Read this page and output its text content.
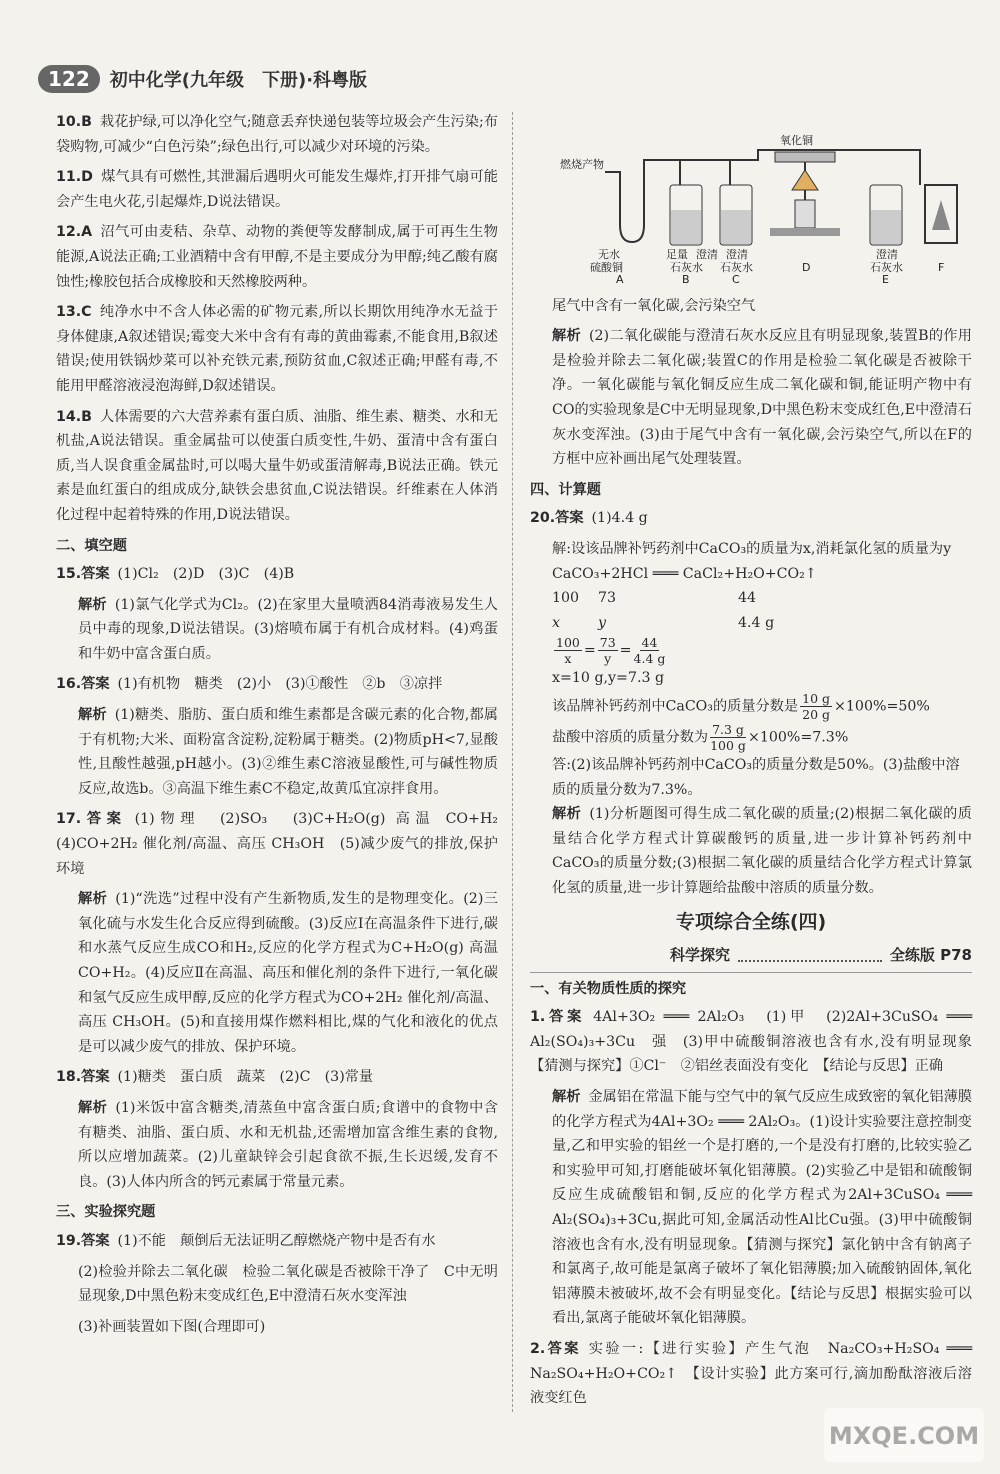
122	初中化学(九年级　下册)·科粤版
10.B 栽花护绿,可以净化空气;随意丢弃快递包装等垃圾会产生污染;布袋购物,可减少“白色污染”;绿色出行,可以减少对环境的污染。
11.D 煤气具有可燃性,其泄漏后遇明火可能发生爆炸,打开排气扇可能会产生电火花,引起爆炸,D说法错误。
12.A 沼气可由麦秸、杂草、动物的粪便等发酵制成,属于可再生生物能源,A说法正确;工业酒精中含有甲醇,不是主要成分为甲醇;纯乙酸有腐蚀性;橡胶包括合成橡胶和天然橡胶两种。
13.C 纯净水中不含人体必需的矿物元素,所以长期饮用纯净水无益于身体健康,A叙述错误;霉变大米中含有有毒的黄曲霉素,不能食用,B叙述错误;使用铁锅炒菜可以补充铁元素,预防贫血,C叙述正确;甲醛有毒,不能用甲醛溶液浸泡海鲜,D叙述错误。
14.B 人体需要的六大营养素有蛋白质、油脂、维生素、糖类、水和无机盐,A说法错误。重金属盐可以使蛋白质变性,牛奶、蛋清中含有蛋白质,当人误食重金属盐时,可以喝大量牛奶或蛋清解毒,B说法正确。铁元素是血红蛋白的组成成分,缺铁会患贫血,C说法错误。纤维素在人体消化过程中起着特殊的作用,D说法错误。
二、填空题
15.答案 (1)Cl₂　(2)D　(3)C　(4)B
解析 (1)氯气化学式为Cl₂。(2)在家里大量喷洒84消毒液易发生人员中毒的现象,D说法错误。(3)熔喷布属于有机合成材料。(4)鸡蛋和牛奶中富含蛋白质。
16.答案 (1)有机物　糖类　(2)小　(3)①酸性　②b　③凉拌
解析 (1)糖类、脂肪、蛋白质和维生素都是含碳元素的化合物,都属于有机物;大米、面粉富含淀粉,淀粉属于糖类。(2)物质pH<7,显酸性,且酸性越强,pH越小。(3)②维生素C溶液显酸性,可与碱性物质反应,故选b。③高温下维生素C不稳定,故黄瓜宜凉拌食用。
17.答案 (1)物理　(2)SO₃　(3)C+H₂O(g) 高温 CO+H₂　(4)CO+2H₂ 催化剂/高温、高压 CH₃OH　(5)减少废气的排放,保护环境
解析 (1)“洗选”过程中没有产生新物质,发生的是物理变化。(2)三氧化硫与水发生化合反应得到硫酸。(3)反应Ⅰ在高温条件下进行,碳和水蒸气反应生成CO和H₂,反应的化学方程式为C+H₂O(g) 高温 CO+H₂。(4)反应Ⅱ在高温、高压和催化剂的条件下进行,一氧化碳和氢气反应生成甲醇,反应的化学方程式为CO+2H₂ 催化剂/高温、高压 CH₃OH。(5)和直接用煤作燃料相比,煤的气化和液化的优点是可以减少废气的排放、保护环境。
18.答案 (1)糖类　蛋白质　蔬菜　(2)C　(3)常量
解析 (1)米饭中富含糖类,清蒸鱼中富含蛋白质;食谱中的食物中含有糖类、油脂、蛋白质、水和无机盐,还需增加富含维生素的食物,所以应增加蔬菜。(2)儿童缺锌会引起食欲不振,生长迟缓,发育不良。(3)人体内所含的钙元素属于常量元素。
三、实验探究题
19.答案 (1)不能　颠倒后无法证明乙醇燃烧产物中是否有水
(2)检验并除去二氧化碳　检验二氧化碳是否被除干净了　C中无明显现象,D中黑色粉末变成红色,E中澄清石灰水变浑浊
(3)补画装置如下图(合理即可)
氧化铜
燃烧产物
无水
硫酸铜
足量 澄清
石灰水
澄清
石灰水
澄清
石灰水
A	B	C
D
E
F
尾气中含有一氧化碳,会污染空气
解析 (2)二氧化碳能与澄清石灰水反应且有明显现象,装置B的作用是检验并除去二氧化碳;装置C的作用是检验二氧化碳是否被除干净。一氧化碳能与氧化铜反应生成二氧化碳和铜,能证明产物中有CO的实验现象是C中无明显现象,D中黑色粉末变成红色,E中澄清石灰水变浑浊。(3)由于尾气中含有一氧化碳,会污染空气,所以在F的方框中应补画出尾气处理装置。
四、计算题
20.答案 (1)4.4 g
解:设该品牌补钙药剂中CaCO₃的质量为x,消耗氯化氢的质量为y
CaCO₃+2HCl ═══ CaCl₂+H₂O+CO₂↑
100	73	44
x	y	4.4 g
$\frac{100}{x} = \frac{73}{y} = \frac{44}{4.4 g}$
x=10 g,y=7.3 g
该品牌补钙药剂中CaCO₃的质量分数是 $\frac{10 g}{20 g} \times 100\%=50\%$
盐酸中溶质的质量分数为 $\frac{7.3 g}{100 g} \times 100\%=7.3\%$
答:(2)该品牌补钙药剂中CaCO₃的质量分数是50%。(3)盐酸中溶质的质量分数为7.3%。
解析 (1)分析题图可得生成二氧化碳的质量;(2)根据二氧化碳的质量结合化学方程式计算碳酸钙的质量,进一步计算补钙药剂中CaCO₃的质量分数;(3)根据二氧化碳的质量结合化学方程式计算氯化氢的质量,进一步计算题给盐酸中溶质的质量分数。
专项综合全练(四)
科学探究	全练版 P78
一、有关物质性质的探究
1.答案 4Al+3O₂ ═══ 2Al₂O₃　(1)甲　(2)2Al+3CuSO₄ ═══ Al₂(SO₄)₃+3Cu　强　(3)甲中硫酸铜溶液也含有水,没有明显现象　【猜测与探究】①Cl⁻　②铝丝表面没有变化　【结论与反思】正确
解析 金属铝在常温下能与空气中的氧气反应生成致密的氧化铝薄膜的化学方程式为4Al+3O₂ ═══ 2Al₂O₃。(1)设计实验要注意控制变量,乙和甲实验的铝丝一个是打磨的,一个是没有打磨的,比较实验乙和实验甲可知,打磨能破坏氧化铝薄膜。(2)实验乙中是铝和硫酸铜反应生成硫酸铝和铜,反应的化学方程式为2Al+3CuSO₄ ═══ Al₂(SO₄)₃+3Cu,据此可知,金属活动性Al比Cu强。(3)甲中硫酸铜溶液也含有水,没有明显现象。【猜测与探究】氯化钠中含有钠离子和氯离子,故可能是氯离子破坏了氧化铝薄膜;加入硫酸钠固体,氧化铝薄膜未被破坏,故不会有明显变化。【结论与反思】根据实验可以看出,氯离子能破坏氧化铝薄膜。
2.答案 实验一:【进行实验】产生气泡　Na₂CO₃+H₂SO₄ ═══ Na₂SO₄+H₂O+CO₂↑　【设计实验】此方案可行,滴加酚酞溶液后溶液变红色
MXQE.COM
